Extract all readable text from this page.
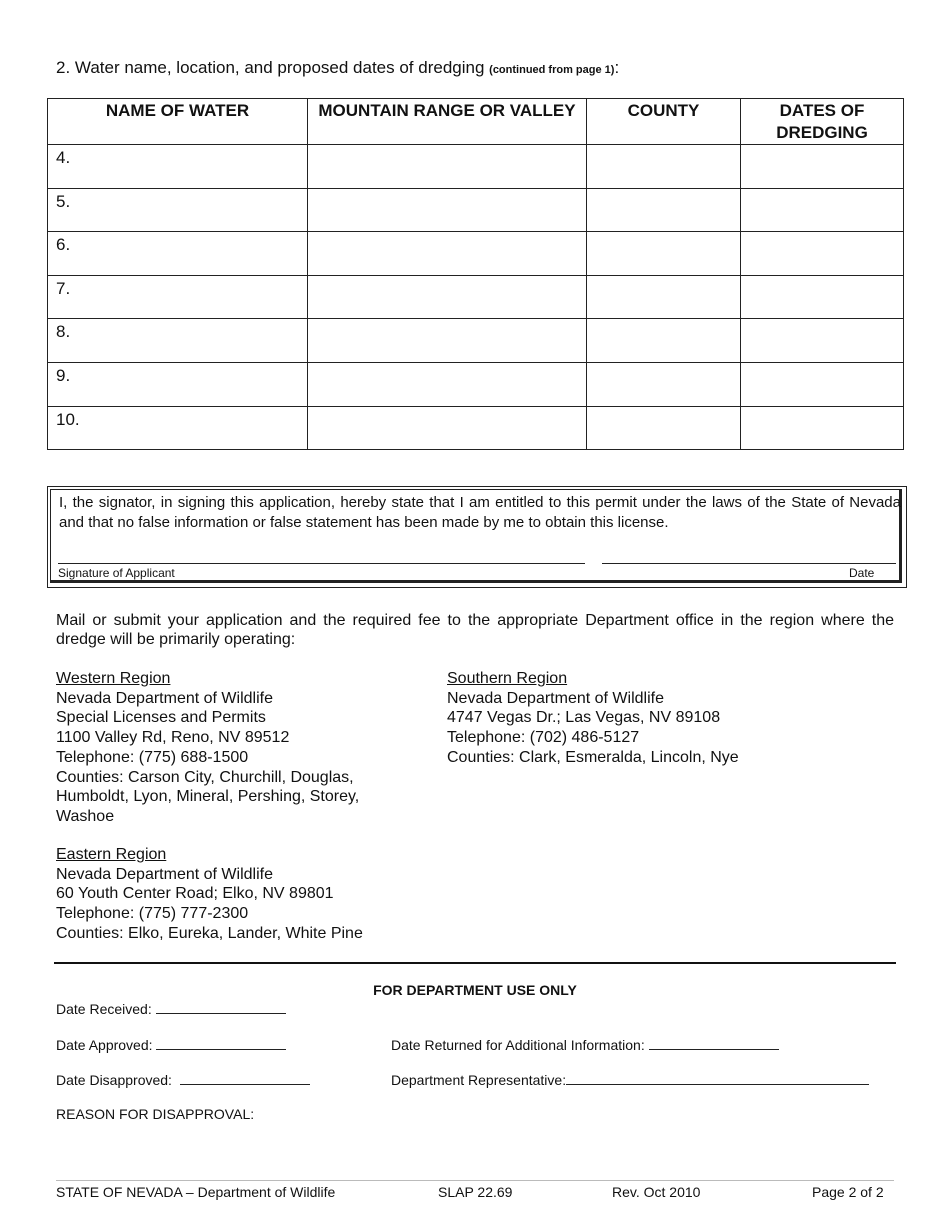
2. Water name, location, and proposed dates of dredging (continued from page 1):
NAME OF WATER	MOUNTAIN RANGE OR VALLEY	COUNTY	DATES OF DREDGING
4.			
5.			
6.			
7.			
8.			
9.			
10.			
I, the signator, in signing this application, hereby state that I am entitled to this permit under the laws of the State of Nevada and that no false information or false statement has been made by me to obtain this license.
Signature of Applicant	Date
Mail or submit your application and the required fee to the appropriate Department office in the region where the dredge will be primarily operating:
Western Region
Nevada Department of Wildlife
Special Licenses and Permits
1100 Valley Rd, Reno, NV 89512
Telephone: (775) 688-1500
Counties: Carson City, Churchill, Douglas, Humboldt, Lyon, Mineral, Pershing, Storey, Washoe
Southern Region
Nevada Department of Wildlife
4747 Vegas Dr.; Las Vegas, NV 89108
Telephone: (702) 486-5127
Counties: Clark, Esmeralda, Lincoln, Nye
Eastern Region
Nevada Department of Wildlife
60 Youth Center Road; Elko, NV 89801
Telephone: (775) 777-2300
Counties: Elko, Eureka, Lander, White Pine
FOR DEPARTMENT USE ONLY
Date Received:
Date Approved:	Date Returned for Additional Information:
Date Disapproved:	Department Representative:
REASON FOR DISAPPROVAL:
STATE OF NEVADA – Department of Wildlife	SLAP 22.69	Rev. Oct 2010	Page 2 of 2
